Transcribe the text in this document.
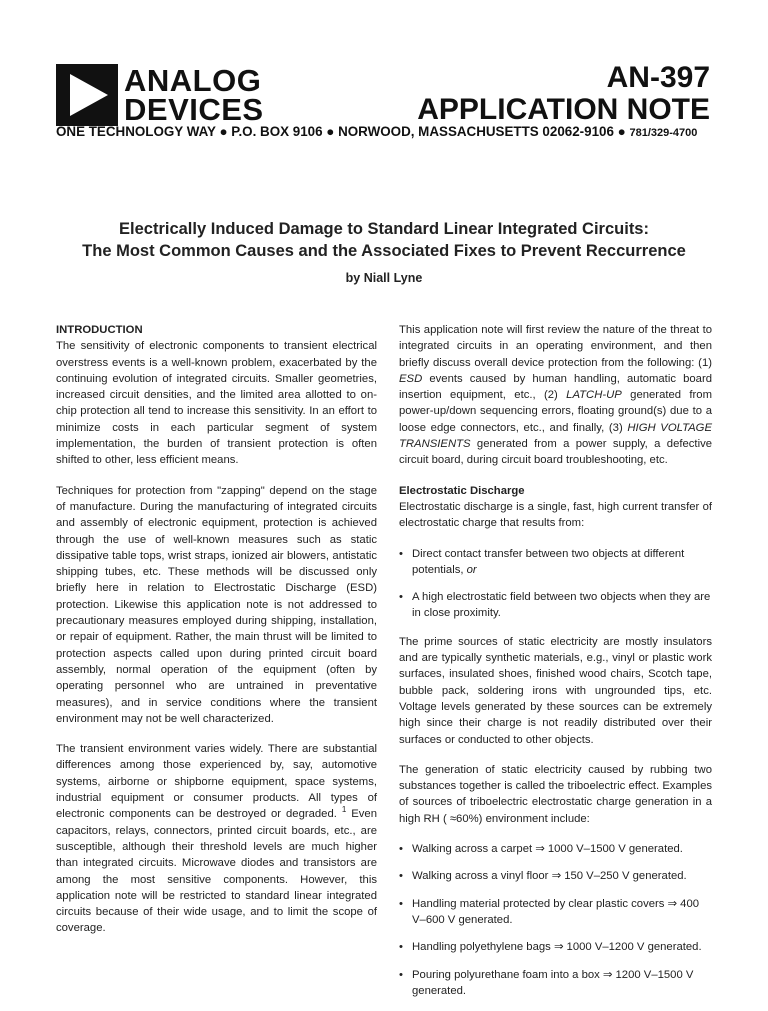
ANALOG
DEVICES
AN-397
APPLICATION NOTE
ONE TECHNOLOGY WAY ● P.O. BOX 9106 ● NORWOOD, MASSACHUSETTS 02062-9106 ● 781/329-4700
Electrically Induced Damage to Standard Linear Integrated Circuits:
The Most Common Causes and the Associated Fixes to Prevent Reccurrence
by Niall Lyne

INTRODUCTION
The sensitivity of electronic components to transient electrical overstress events is a well-known problem, exacerbated by the continuing evolution of integrated circuits. Smaller geometries, increased circuit densities, and the limited area allotted to on-chip protection all tend to increase this sensitivity. In an effort to minimize costs in each particular segment of system implementation, the burden of transient protection is often shifted to other, less efficient means.

Techniques for protection from "zapping" depend on the stage of manufacture. During the manufacturing of integrated circuits and assembly of electronic equipment, protection is achieved through the use of well-known measures such as static dissipative table tops, wrist straps, ionized air blowers, antistatic shipping tubes, etc. These methods will be discussed only briefly here in relation to Electrostatic Discharge (ESD) protection. Likewise this application note is not addressed to precautionary measures employed during shipping, installation, or repair of equipment. Rather, the main thrust will be limited to protection aspects called upon during printed circuit board assembly, normal operation of the equipment (often by operating personnel who are untrained in preventative measures), and in service conditions where the transient environment may not be well characterized.

The transient environment varies widely. There are substantial differences among those experienced by, say, automotive systems, airborne or shipborne equipment, space systems, industrial equipment or consumer products. All types of electronic components can be destroyed or degraded. $^1$ Even capacitors, relays, connectors, printed circuit boards, etc., are susceptible, although their threshold levels are much higher than integrated circuits. Microwave diodes and transistors are among the most sensitive components. However, this application note will be restricted to standard linear integrated circuits because of their wide usage, and to limit the scope of coverage.

This application note will first review the nature of the threat to integrated circuits in an operating environment, and then briefly discuss overall device protection from the following: (1) ESD events caused by human handling, automatic board insertion equipment, etc., (2) LATCH-UP generated from power-up/down sequencing errors, floating ground(s) due to a loose edge connectors, etc., and finally, (3) HIGH VOLTAGE TRANSIENTS generated from a power supply, a defective circuit board, during circuit board troubleshooting, etc.

Electrostatic Discharge
Electrostatic discharge is a single, fast, high current transfer of electrostatic charge that results from:

• Direct contact transfer between two objects at different potentials, or
• A high electrostatic field between two objects when they are in close proximity.

The prime sources of static electricity are mostly insulators and are typically synthetic materials, e.g., vinyl or plastic work surfaces, insulated shoes, finished wood chairs, Scotch tape, bubble pack, soldering irons with ungrounded tips, etc. Voltage levels generated by these sources can be extremely high since their charge is not readily distributed over their surfaces or conducted to other objects.

The generation of static electricity caused by rubbing two substances together is called the triboelectric effect. Examples of sources of triboelectric electrostatic charge generation in a high RH ( ≈60%) environment include:

• Walking across a carpet ⇒ 1000 V–1500 V generated.
• Walking across a vinyl floor ⇒ 150 V–250 V generated.
• Handling material protected by clear plastic covers ⇒ 400 V–600 V generated.
• Handling polyethylene bags ⇒ 1000 V–1200 V generated.
• Pouring polyurethane foam into a box ⇒ 1200 V–1500 V generated.
